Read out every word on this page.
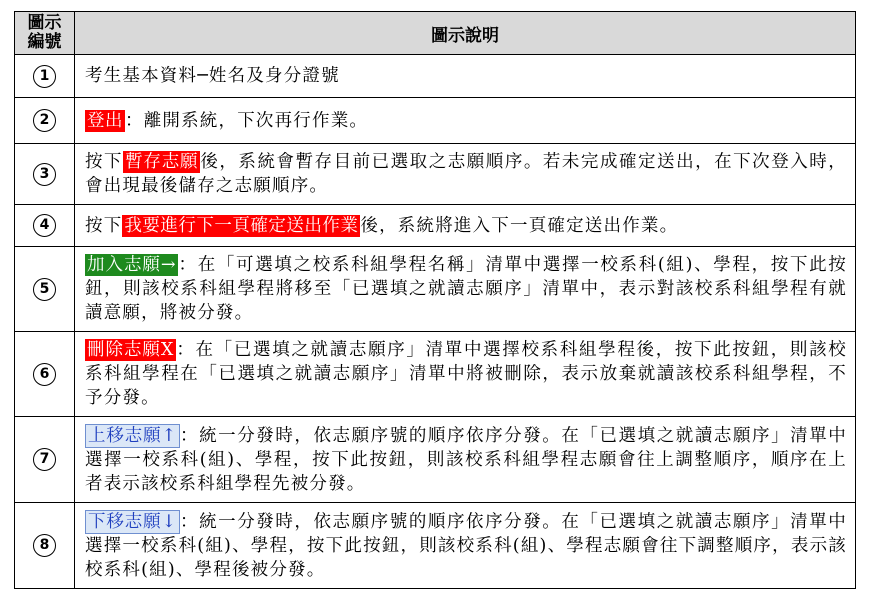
圖示
編號	圖示說明
1	考生基本資料─姓名及身分證號
2	登出 ：離開系統，下次再行作業。
3	按下 暫存志願 後，系統會暫存目前已選取之志願順序。若未完成確定送出，在下次登入時，會出現最後儲存之志願順序。
4	按下 我要進行下一頁確定送出作業 後，系統將進入下一頁確定送出作業。
5	加入志願→ ：在「可選填之校系科組學程名稱」清單中選擇一校系科(組)、學程，按下此按鈕，則該校系科組學程將移至「已選填之就讀志願序」清單中，表示對該校系科組學程有就讀意願，將被分發。
6	刪除志願X ：在「已選填之就讀志願序」清單中選擇校系科組學程後，按下此按鈕，則該校系科組學程在「已選填之就讀志願序」清單中將被刪除，表示放棄就讀該校系科組學程，不予分發。
7	上移志願↑ ：統一分發時，依志願序號的順序依序分發。在「已選填之就讀志願序」清單中選擇一校系科(組)、學程，按下此按鈕，則該校系科組學程志願會往上調整順序，順序在上者表示該校系科組學程先被分發。
8	下移志願↓ ：統一分發時，依志願序號的順序依序分發。在「已選填之就讀志願序」清單中選擇一校系科(組)、學程，按下此按鈕，則該校系科(組)、學程志願會往下調整順序，表示該校系科(組)、學程後被分發。
